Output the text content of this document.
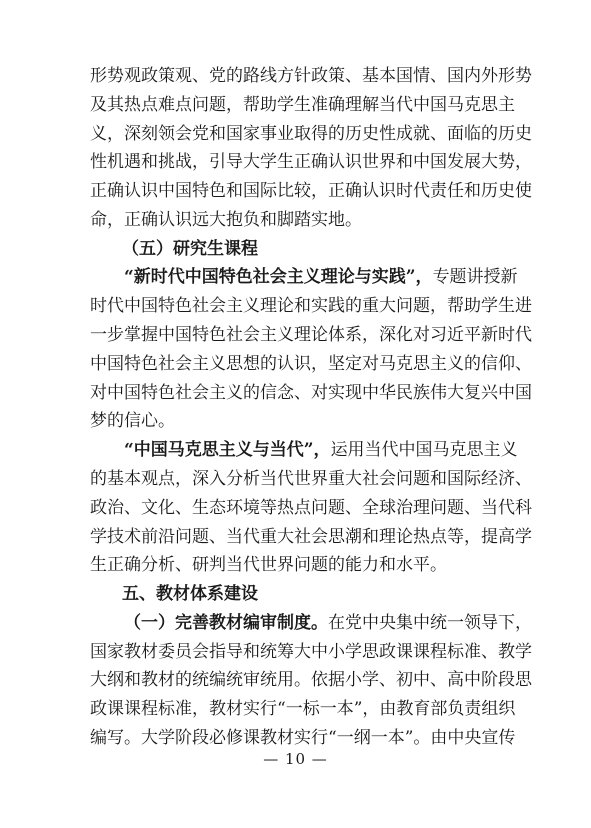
形势观政策观、党的路线方针政策、基本国情、国内外形势
及其热点难点问题，帮助学生准确理解当代中国马克思主
义，深刻领会党和国家事业取得的历史性成就、面临的历史
性机遇和挑战，引导大学生正确认识世界和中国发展大势，
正确认识中国特色和国际比较，正确认识时代责任和历史使
命，正确认识远大抱负和脚踏实地。
（五）研究生课程
“新时代中国特色社会主义理论与实践”，专题讲授新
时代中国特色社会主义理论和实践的重大问题，帮助学生进
一步掌握中国特色社会主义理论体系，深化对习近平新时代
中国特色社会主义思想的认识，坚定对马克思主义的信仰、
对中国特色社会主义的信念、对实现中华民族伟大复兴中国
梦的信心。
“中国马克思主义与当代”，运用当代中国马克思主义
的基本观点，深入分析当代世界重大社会问题和国际经济、
政治、文化、生态环境等热点问题、全球治理问题、当代科
学技术前沿问题、当代重大社会思潮和理论热点等，提高学
生正确分析、研判当代世界问题的能力和水平。
五、教材体系建设
（一）完善教材编审制度。在党中央集中统一领导下，
国家教材委员会指导和统筹大中小学思政课课程标准、教学
大纲和教材的统编统审统用。依据小学、初中、高中阶段思
政课课程标准，教材实行“一标一本”，由教育部负责组织
编写。大学阶段必修课教材实行“一纲一本”。由中央宣传
— 10 —
